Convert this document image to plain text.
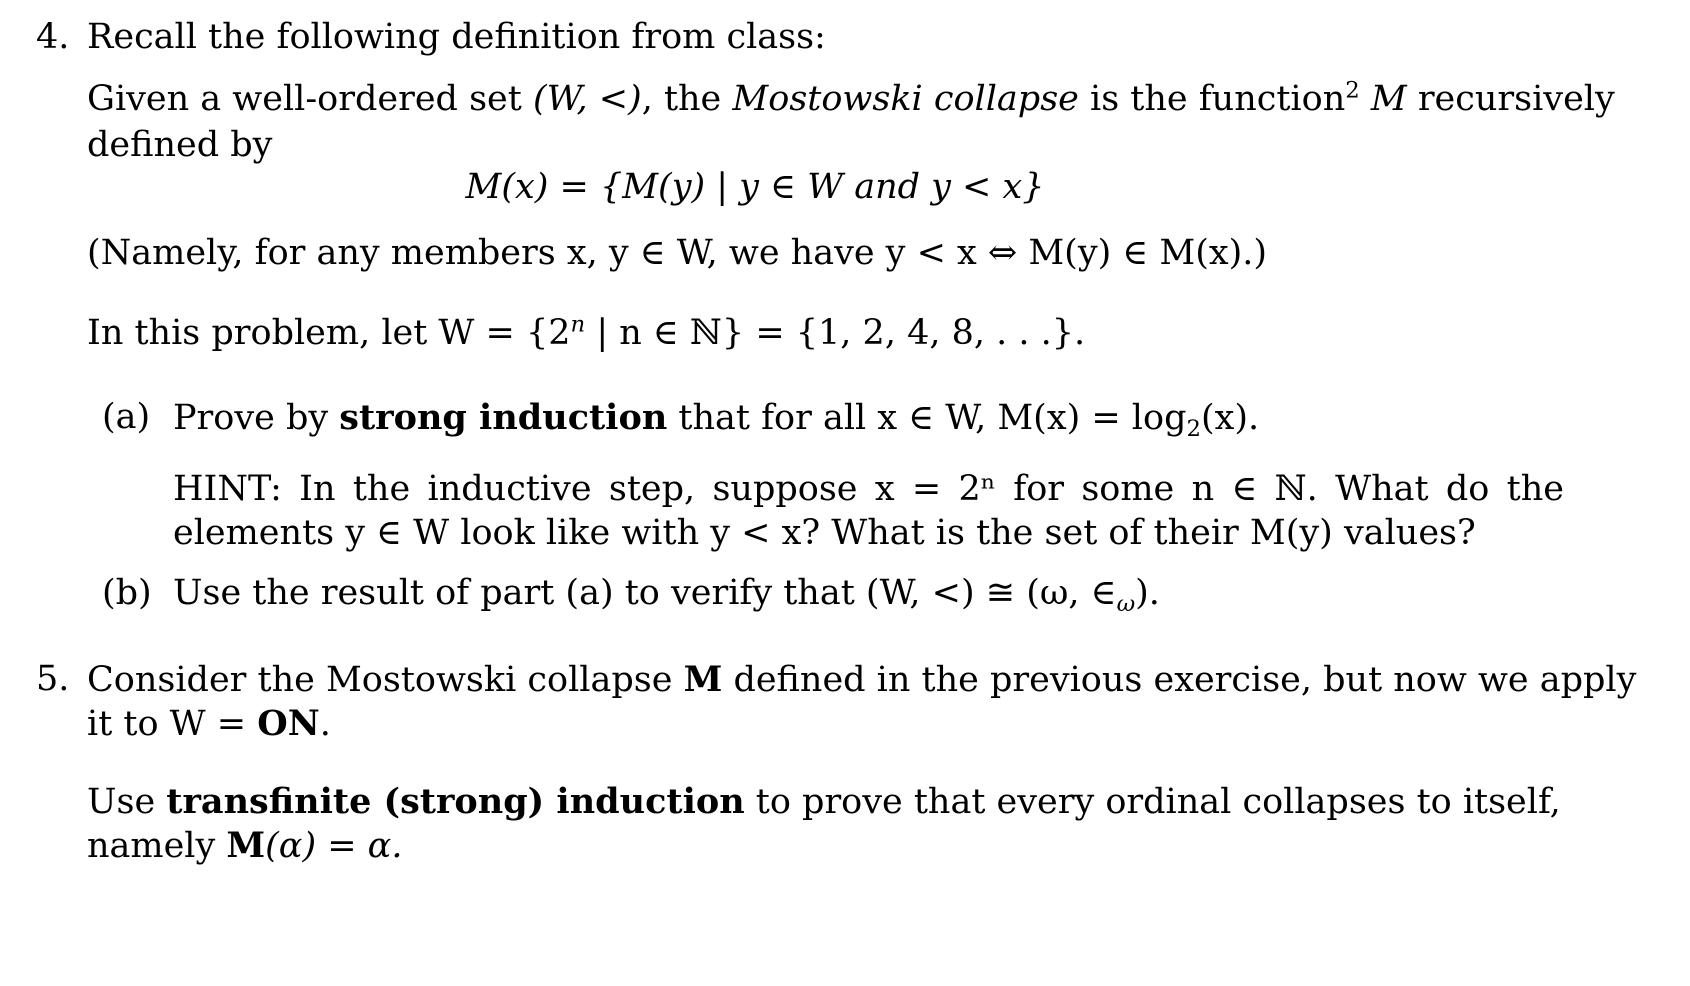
4. Recall the following definition from class:
Given a well-ordered set (W, <), the Mostowski collapse is the function$^2$ M recursively
defined by
M(x) = {M(y) | y ∈ W and y < x}
(Namely, for any members x, y ∈ W, we have y < x ⇔ M(y) ∈ M(x).)
In this problem, let $W = \{2^n$ | n ∈ ℕ} = {1, 2, 4, 8, . . .}.
(a) Prove by strong induction that for all x ∈ W, $M(x) = \log_2(x)$.
HINT: In the inductive step, suppose x = 2ⁿ for some n ∈ ℕ. What do the
elements y ∈ W look like with y < x? What is the set of their M(y) values?
(b) Use the result of part (a) to verify that (W, <) ≅ (ω, $\in_\omega$).
5. Consider the Mostowski collapse M defined in the previous exercise, but now we apply
it to W = ON.
Use transfinite (strong) induction to prove that every ordinal collapses to itself,
namely M(α) = α.
